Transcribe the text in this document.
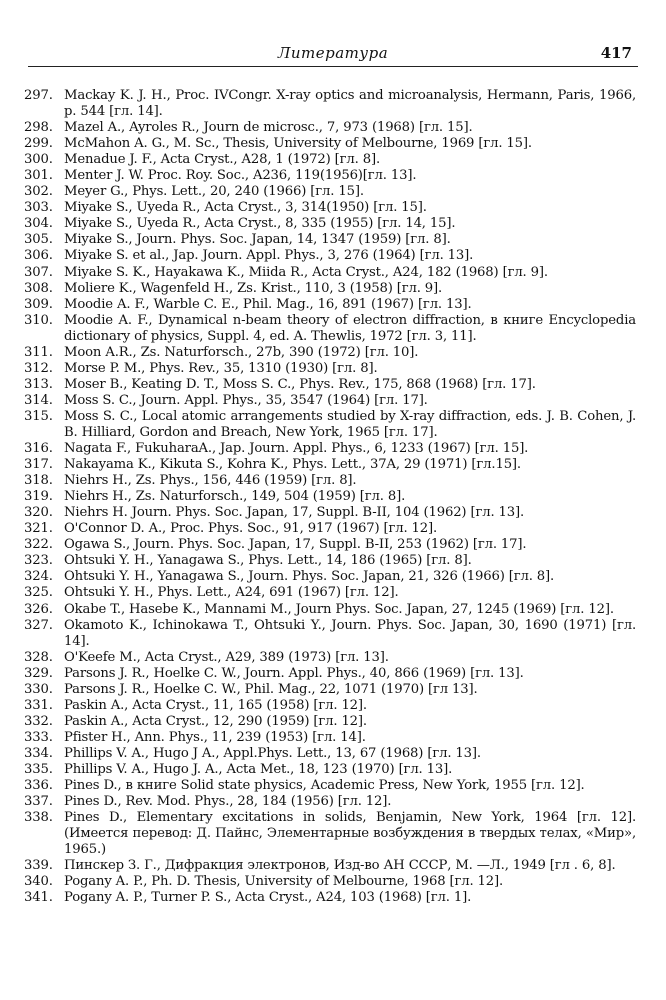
Литература	417
297. Mackay K. J. H., Proc. IVCongr. X-ray optics and microanalysis, Hermann, Paris, 1966, p. 544 [гл. 14].
298. Mazel A., Ayroles R., Journ de microsc., 7, 973 (1968) [гл. 15].
299. McMahon A. G., M. Sc., Thesis, University of Melbourne, 1969 [гл. 15].
300. Menadue J. F., Acta Cryst., A28, 1 (1972) [гл. 8].
301. Menter J. W. Proc. Roy. Soc., A236, 119(1956)[гл. 13].
302. Meyer G., Phys. Lett., 20, 240 (1966) [гл. 15].
303. Miyake S., Uyeda R., Acta Cryst., 3, 314(1950) [гл. 15].
304. Miyake S., Uyeda R., Acta Cryst., 8, 335 (1955) [гл. 14, 15].
305. Miyake S., Journ. Phys. Soc. Japan, 14, 1347 (1959) [гл. 8].
306. Miyake S. et al., Jap. Journ. Appl. Phys., 3, 276 (1964) [гл. 13].
307. Miyake S. K., Hayakawa K., Miida R., Acta Cryst., A24, 182 (1968) [гл. 9].
308. Moliere K., Wagenfeld H., Zs. Krist., 110, 3 (1958) [гл. 9].
309. Moodie A. F., Warble C. E., Phil. Mag., 16, 891 (1967) [гл. 13].
310. Moodie A. F., Dynamical n-beam theory of electron diffraction, в книге Encyclopedia dictionary of physics, Suppl. 4, ed. A. Thewlis, 1972 [гл. 3, 11].
311. Moon A.R., Zs. Naturforsch., 27b, 390 (1972) [гл. 10].
312. Morse P. M., Phys. Rev., 35, 1310 (1930) [гл. 8].
313. Moser B., Keating D. T., Moss S. C., Phys. Rev., 175, 868 (1968) [гл. 17].
314. Moss S. C., Journ. Appl. Phys., 35, 3547 (1964) [гл. 17].
315. Moss S. C., Local atomic arrangements studied by X-ray diffraction, eds. J. B. Cohen, J. B. Hilliard, Gordon and Breach, New York, 1965 [гл. 17].
316. Nagata F., FukuharaA., Jap. Journ. Appl. Phys., 6, 1233 (1967) [гл. 15].
317. Nakayama K., Kikuta S., Kohra K., Phys. Lett., 37A, 29 (1971) [гл.15].
318. Niehrs H., Zs. Phys., 156, 446 (1959) [гл. 8].
319. Niehrs H., Zs. Naturforsch., 149, 504 (1959) [гл. 8].
320. Niehrs H. Journ. Phys. Soc. Japan, 17, Suppl. B-II, 104 (1962) [гл. 13].
321. O'Connor D. A., Proc. Phys. Soc., 91, 917 (1967) [гл. 12].
322. Ogawa S., Journ. Phys. Soc. Japan, 17, Suppl. B-II, 253 (1962) [гл. 17].
323. Ohtsuki Y. H., Yanagawa S., Phys. Lett., 14, 186 (1965) [гл. 8].
324. Ohtsuki Y. H., Yanagawa S., Journ. Phys. Soc. Japan, 21, 326 (1966) [гл. 8].
325. Ohtsuki Y. H., Phys. Lett., A24, 691 (1967) [гл. 12].
326. Okabe T., Hasebe K., Mannami M., Journ Phys. Soc. Japan, 27, 1245 (1969) [гл. 12].
327. Okamoto K., Ichinokawa T., Ohtsuki Y., Journ. Phys. Soc. Japan, 30, 1690 (1971) [гл. 14].
328. O'Keefe M., Acta Cryst., A29, 389 (1973) [гл. 13].
329. Parsons J. R., Hoelke C. W., Journ. Appl. Phys., 40, 866 (1969) [гл. 13].
330. Parsons J. R., Hoelke C. W., Phil. Mag., 22, 1071 (1970) [гл 13].
331. Paskin A., Acta Cryst., 11, 165 (1958) [гл. 12].
332. Paskin A., Acta Cryst., 12, 290 (1959) [гл. 12].
333. Pfister H., Ann. Phys., 11, 239 (1953) [гл. 14].
334. Phillips V. A., Hugo J A., Appl.Phys. Lett., 13, 67 (1968) [гл. 13].
335. Phillips V. A., Hugo J. A., Acta Met., 18, 123 (1970) [гл. 13].
336. Pines D., в книге Solid state physics, Academic Press, New York, 1955 [гл. 12].
337. Pines D., Rev. Mod. Phys., 28, 184 (1956) [гл. 12].
338. Pines D., Elementary excitations in solids, Benjamin, New York, 1964 [гл. 12]. (Имеется перевод: Д. Пайнс, Элементарные возбуждения в твердых телах, «Мир», 1965.)
339. Пинскер З. Г., Дифракция электронов, Изд-во АН СССР, М. —Л., 1949 [гл . 6, 8].
340. Pogany A. P., Ph. D. Thesis, University of Melbourne, 1968 [гл. 12].
341. Pogany A. P., Turner P. S., Acta Cryst., A24, 103 (1968) [гл. 1].
